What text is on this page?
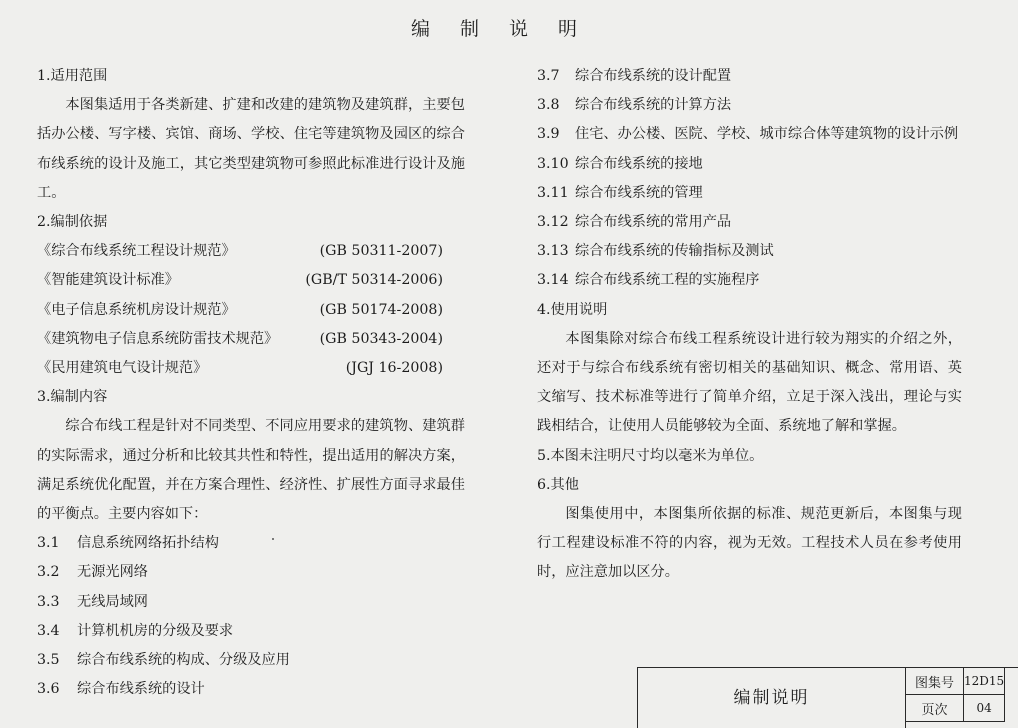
编制说明
1.适用范围
本图集适用于各类新建、扩建和改建的建筑物及建筑群，主要包括办公楼、写字楼、宾馆、商场、学校、住宅等建筑物及园区的综合布线系统的设计及施工，其它类型建筑物可参照此标准进行设计及施工。
2.编制依据
《综合布线系统工程设计规范》	(GB 50311-2007)
《智能建筑设计标准》	(GB/T 50314-2006)
《电子信息系统机房设计规范》	(GB 50174-2008)
《建筑物电子信息系统防雷技术规范》	(GB 50343-2004)
《民用建筑电气设计规范》	(JGJ 16-2008)
3.编制内容
综合布线工程是针对不同类型、不同应用要求的建筑物、建筑群的实际需求，通过分析和比较其共性和特性，提出适用的解决方案，满足系统优化配置，并在方案合理性、经济性、扩展性方面寻求最佳的平衡点。主要内容如下：
3.1 信息系统网络拓扑结构
3.2 无源光网络
3.3 无线局域网
3.4 计算机机房的分级及要求
3.5 综合布线系统的构成、分级及应用
3.6 综合布线系统的设计
3.7 综合布线系统的设计配置
3.8 综合布线系统的计算方法
3.9 住宅、办公楼、医院、学校、城市综合体等建筑物的设计示例
3.10 综合布线系统的接地
3.11 综合布线系统的管理
3.12 综合布线系统的常用产品
3.13 综合布线系统的传输指标及测试
3.14 综合布线系统工程的实施程序
4.使用说明
本图集除对综合布线工程系统设计进行较为翔实的介绍之外，还对于与综合布线系统有密切相关的基础知识、概念、常用语、英文缩写、技术标准等进行了简单介绍，立足于深入浅出，理论与实践相结合，让使用人员能够较为全面、系统地了解和掌握。
5.本图未注明尺寸均以毫米为单位。
6.其他
图集使用中，本图集所依据的标准、规范更新后，本图集与现行工程建设标准不符的内容，视为无效。工程技术人员在参考使用时，应注意加以区分。
编制说明
图集号 12D15
页次	04
